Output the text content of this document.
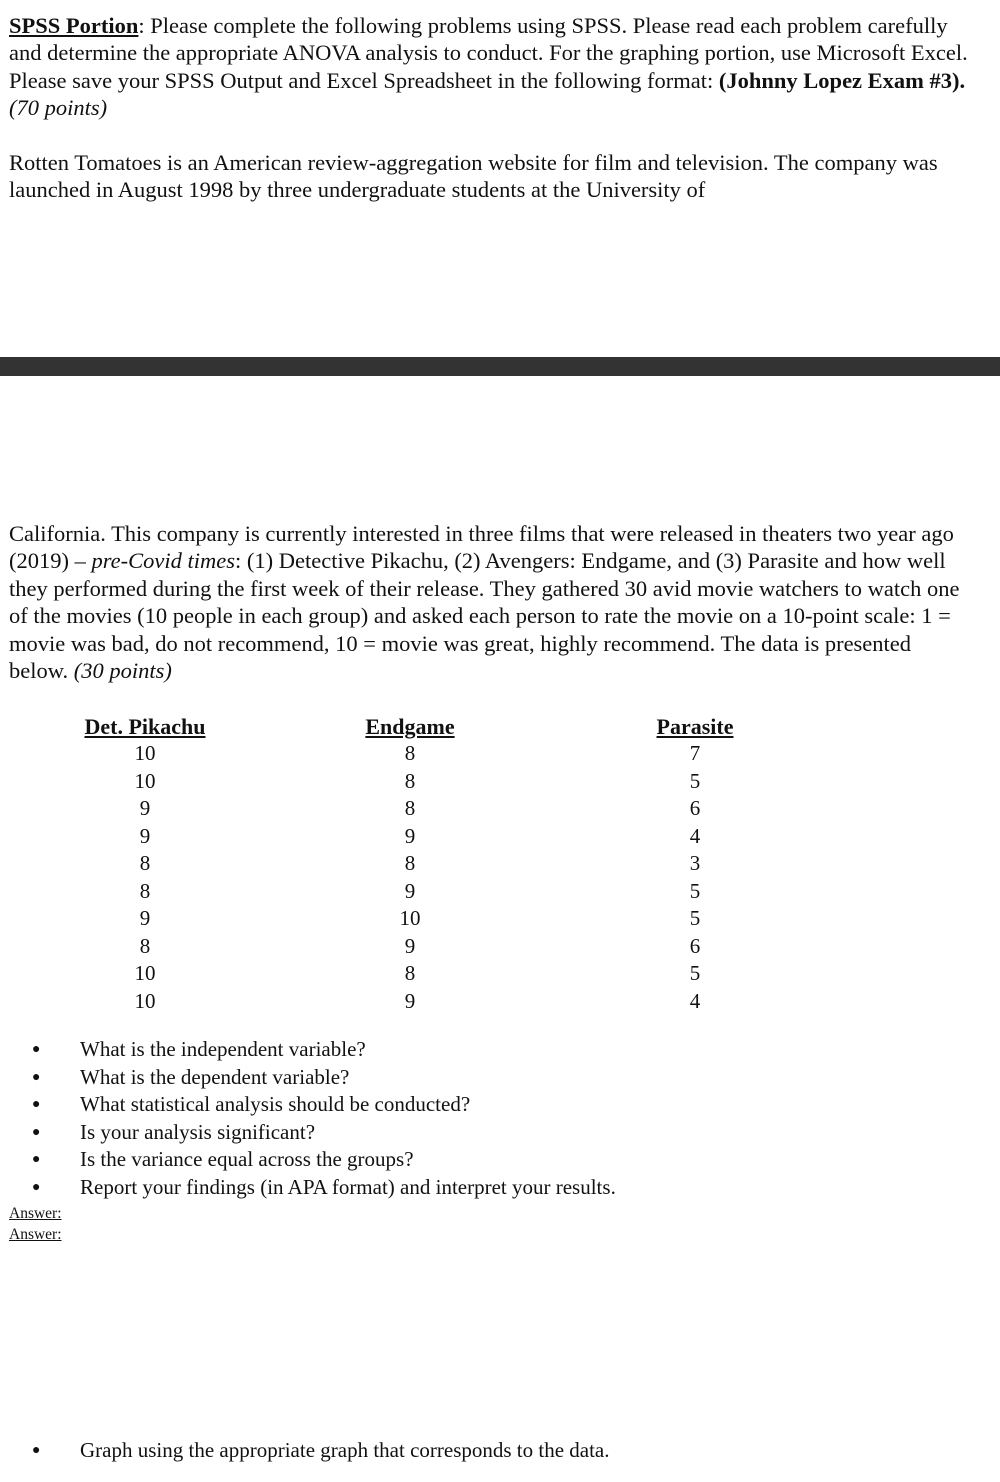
SPSS Portion: Please complete the following problems using SPSS. Please read each problem carefully and determine the appropriate ANOVA analysis to conduct. For the graphing portion, use Microsoft Excel. Please save your SPSS Output and Excel Spreadsheet in the following format: (Johnny Lopez Exam #3). (70 points)

Rotten Tomatoes is an American review-aggregation website for film and television. The company was launched in August 1998 by three undergraduate students at the University of

California. This company is currently interested in three films that were released in theaters two year ago (2019) – pre-Covid times: (1) Detective Pikachu, (2) Avengers: Endgame, and (3) Parasite and how well they performed during the first week of their release. They gathered 30 avid movie watchers to watch one of the movies (10 people in each group) and asked each person to rate the movie on a 10-point scale: 1 = movie was bad, do not recommend, 10 = movie was great, highly recommend. The data is presented below. (30 points)

Det. Pikachu
10
10
9
9
8
8
9
8
10
10
Endgame
8
8
8
9
8
9
10
9
8
9
Parasite
7
5
6
4
3
5
5
6
5
4
● What is the independent variable?
● What is the dependent variable?
● What statistical analysis should be conducted?
● Is your analysis significant?
● Is the variance equal across the groups?
● Report your findings (in APA format) and interpret your results.
Answer:
Answer:
● Graph using the appropriate graph that corresponds to the data.
